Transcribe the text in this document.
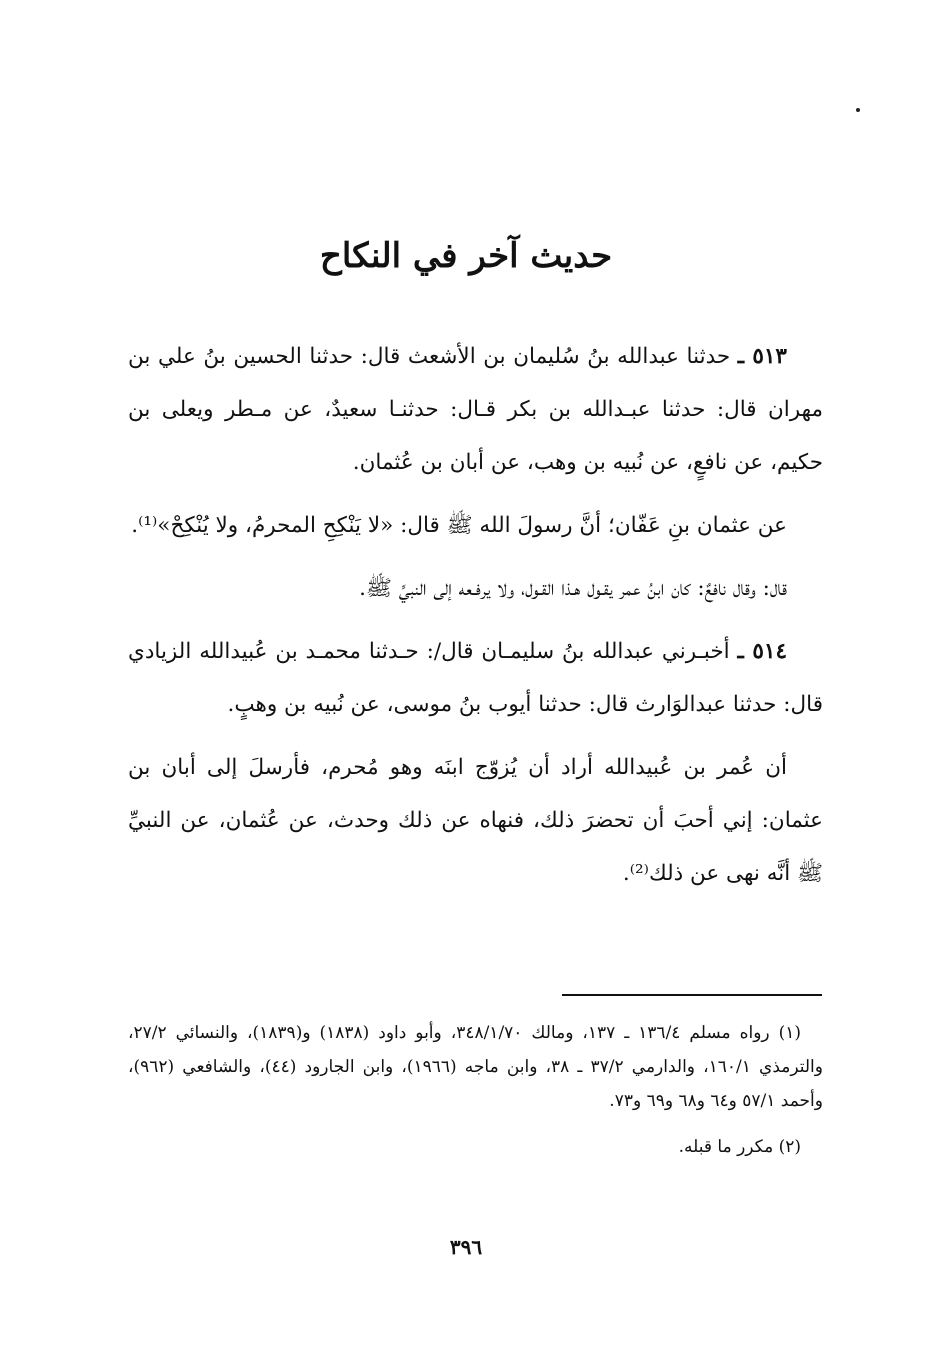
حديث آخر في النكاح

٥١٣ ـ حدثنا عبدالله بنُ سُليمان بن الأشعث قال: حدثنا الحسين بنُ علي بن مهران قال: حدثنا عبـدالله بن بكر قـال: حدثنـا سعيدٌ، عن مـطر ويعلى بن حكيم، عن نافعٍ، عن نُبيه بن وهب، عن أبان بن عُثمان.

عن عثمان بنِ عَفّان؛ أنَّ رسولَ الله ﷺ قال: «لا يَنْكِحِ المحرمُ، ولا يُنْكِحْ»⁽¹⁾.

قال: وقال نافعٌ: كان ابنُ عمر يقـول هـذا القـول، ولا يرفـعه إلى النبيِّ ﷺ.

٥١٤ ـ أخبـرني عبدالله بنُ سليمـان قال/: حـدثنا محمـد بن عُبيدالله الزيادي قال: حدثنا عبدالوَارث قال: حدثنا أيوب بنُ موسى، عن نُبيه بن وهبٍ.

أن عُمر بن عُبيدالله أراد أن يُزوّج ابنَه وهو مُحرم، فأرسلَ إلى أبان بن عثمان: إني أحبَ أن تحضرَ ذلك، فنهاه عن ذلك وحدث، عن عُثمان، عن النبيِّ ﷺ أنَّه نهى عن ذلك⁽²⁾.

(١) رواه مسلم ١٣٦/٤ ـ ١٣٧، ومالك ٣٤٨/١/٧٠، وأبو داود (١٨٣٨) و(١٨٣٩)، والنسائي ٢٧/٢، والترمذي ١٦٠/١، والدارمي ٣٧/٢ ـ ٣٨، وابن ماجه (١٩٦٦)، وابن الجارود (٤٤)، والشافعي (٩٦٢)، وأحمد ٥٧/١ و٦٤ و٦٨ و٦٩ و٧٣.

(٢) مكرر ما قبله.

٣٩٦
